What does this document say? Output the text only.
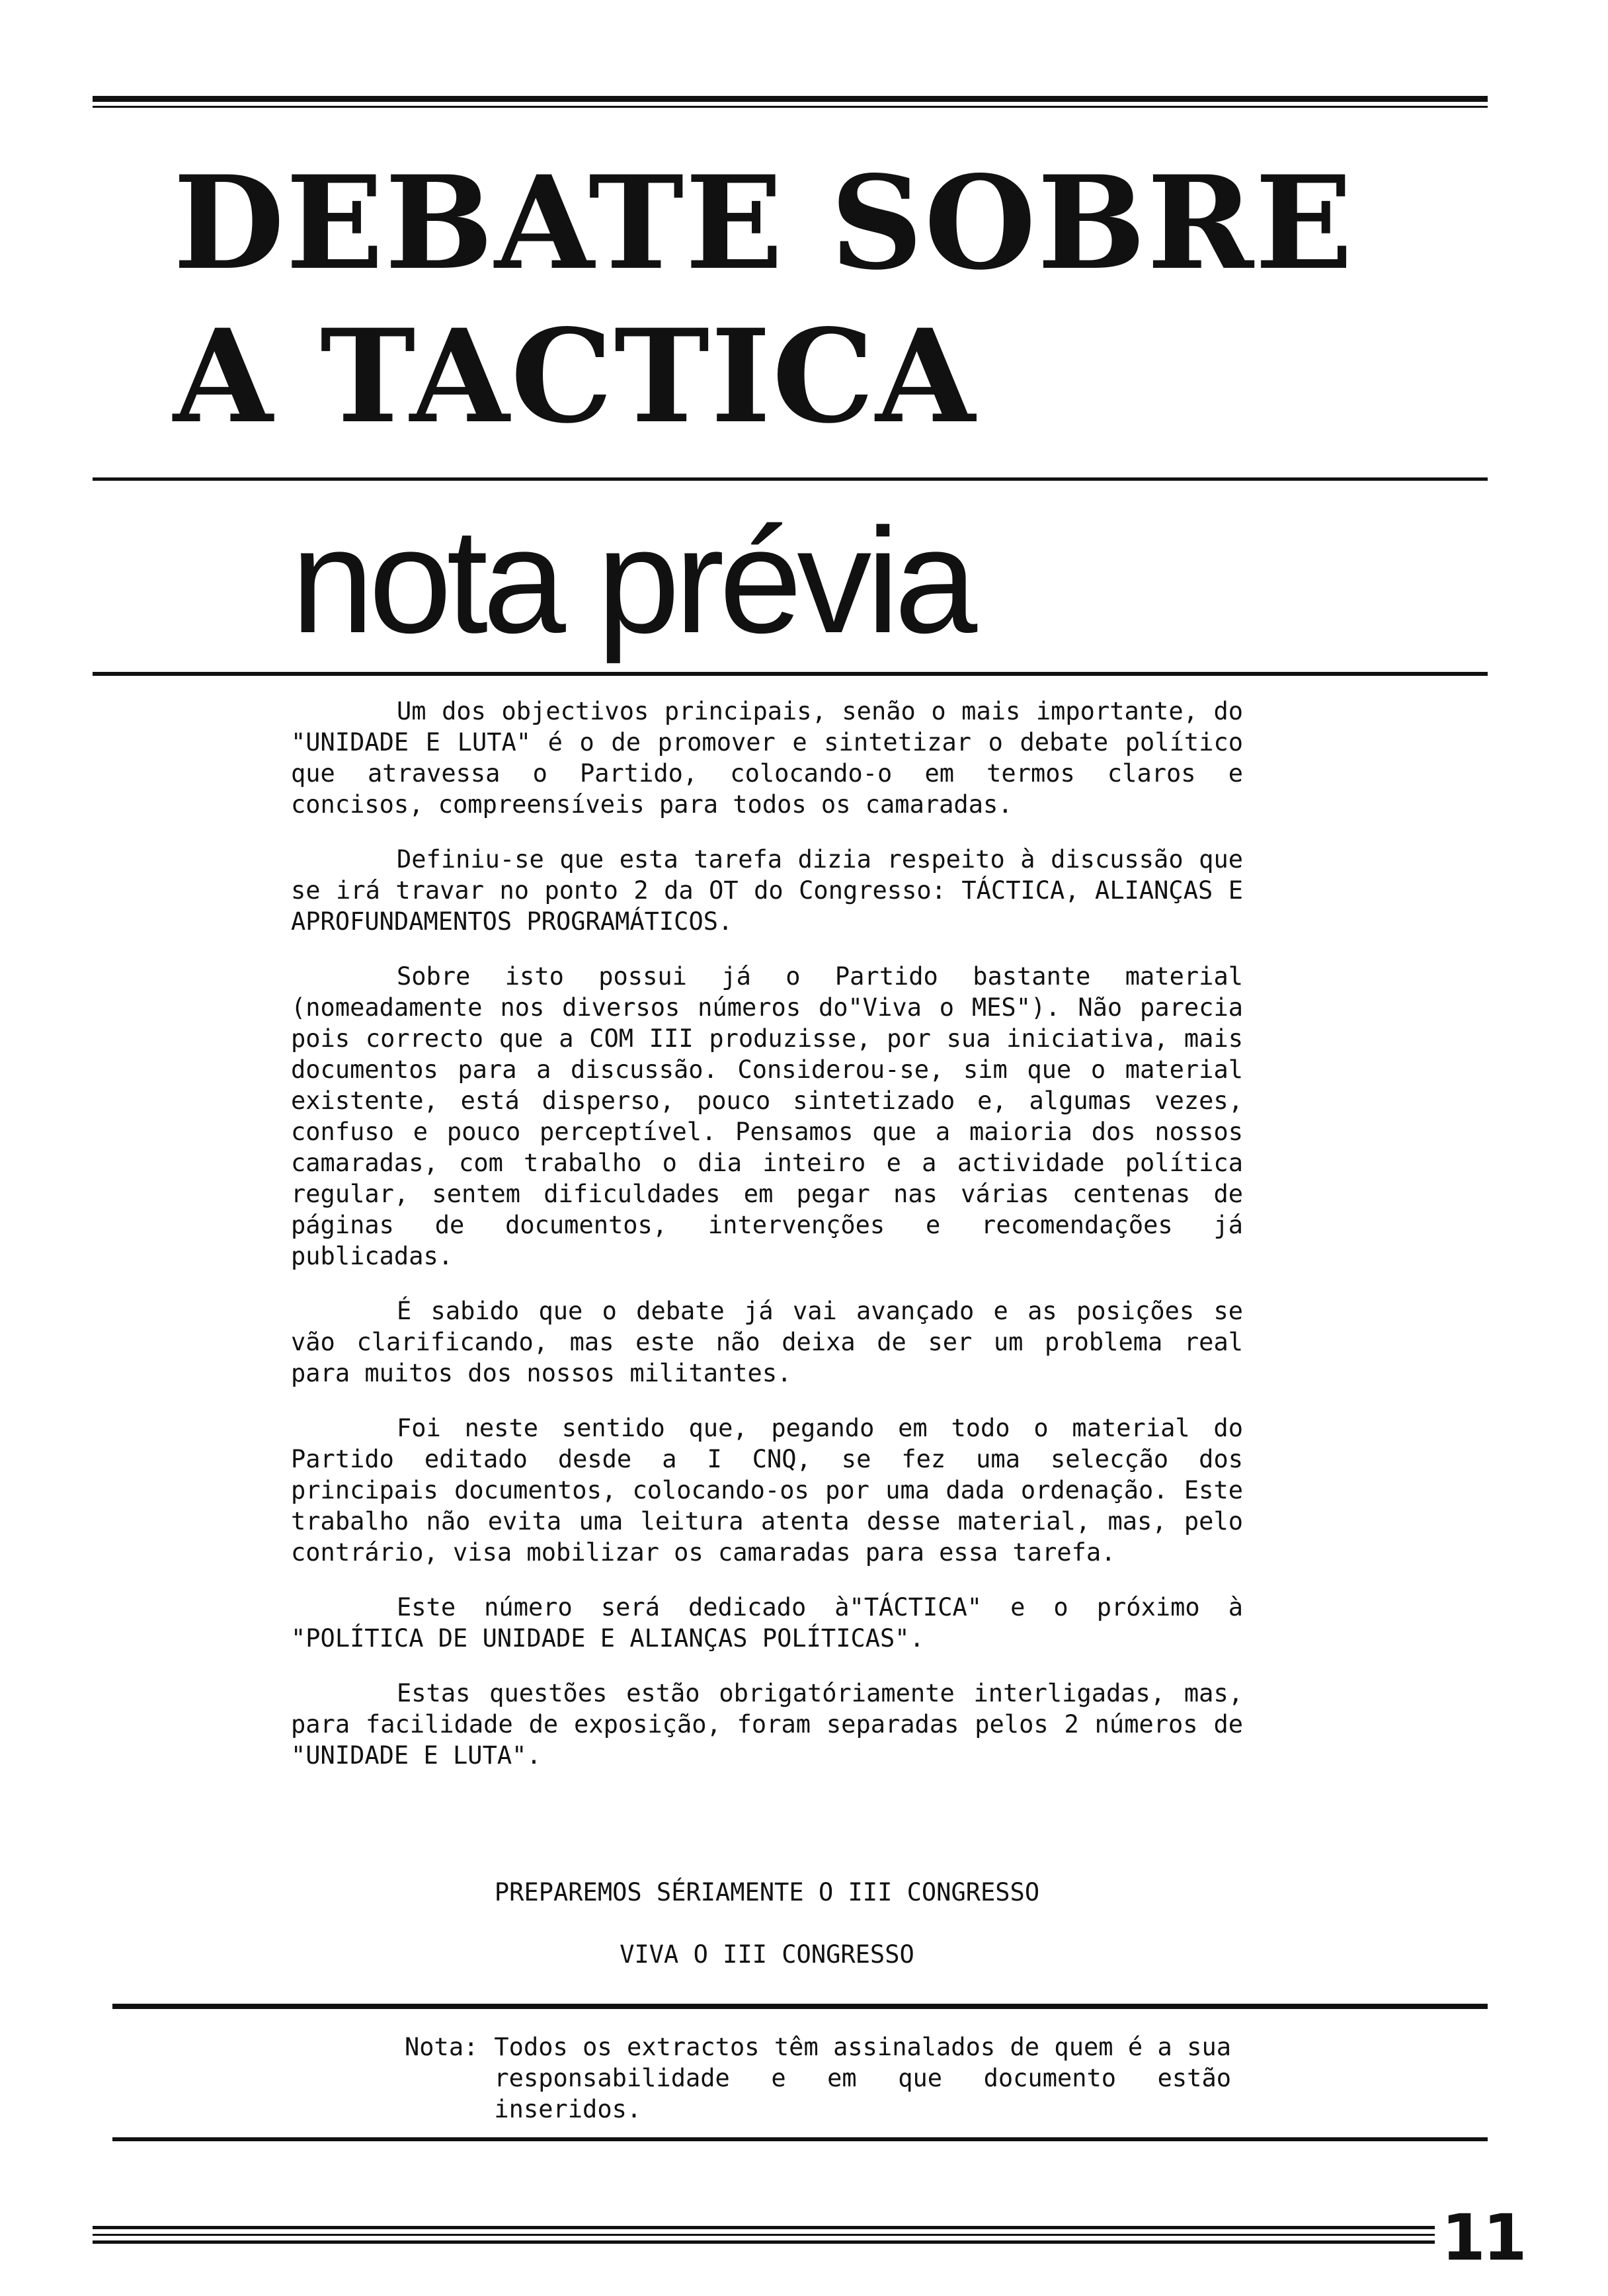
DEBATE SOBRE
A TACTICA
nota prévia

Um dos objectivos principais, senão o mais importante, do "UNIDADE E LUTA" é o de promover e sintetizar o debate político que atravessa o Partido, colocando-o em termos claros e concisos, compreensíveis para todos os camaradas.

Definiu-se que esta tarefa dizia respeito à discussão que se irá travar no ponto 2 da OT do Congresso: TÁCTICA, ALIANÇAS E APROFUNDAMENTOS PROGRAMÁTICOS.

Sobre isto possui já o Partido bastante material (nomeadamente nos diversos números do"Viva o MES"). Não parecia pois correcto que a COM III produzisse, por sua iniciativa, mais documentos para a discussão. Considerou-se, sim que o material existente, está disperso, pouco sintetizado e, algumas vezes, confuso e pouco perceptível. Pensamos que a maioria dos nossos camaradas, com trabalho o dia inteiro e a actividade política regular, sentem dificuldades em pegar nas várias centenas de páginas de documentos, intervenções e recomendações já publicadas.

É sabido que o debate já vai avançado e as posições se vão clarificando, mas este não deixa de ser um problema real para muitos dos nossos militantes.

Foi neste sentido que, pegando em todo o material do Partido editado desde a I CNQ, se fez uma selecção dos principais documentos, colocando-os por uma dada ordenação. Este trabalho não evita uma leitura atenta desse material, mas, pelo contrário, visa mobilizar os camaradas para essa tarefa.

Este número será dedicado à"TÁCTICA" e o próximo à "POLÍTICA DE UNIDADE E ALIANÇAS POLÍTICAS".

Estas questões estão obrigatóriamente interligadas, mas, para facilidade de exposição, foram separadas pelos 2 números de "UNIDADE E LUTA".

PREPAREMOS SÉRIAMENTE O III CONGRESSO
VIVA O III CONGRESSO
Nota: Todos os extractos têm assinalados de quem é a sua responsabilidade e em que documento estão inseridos.
11
